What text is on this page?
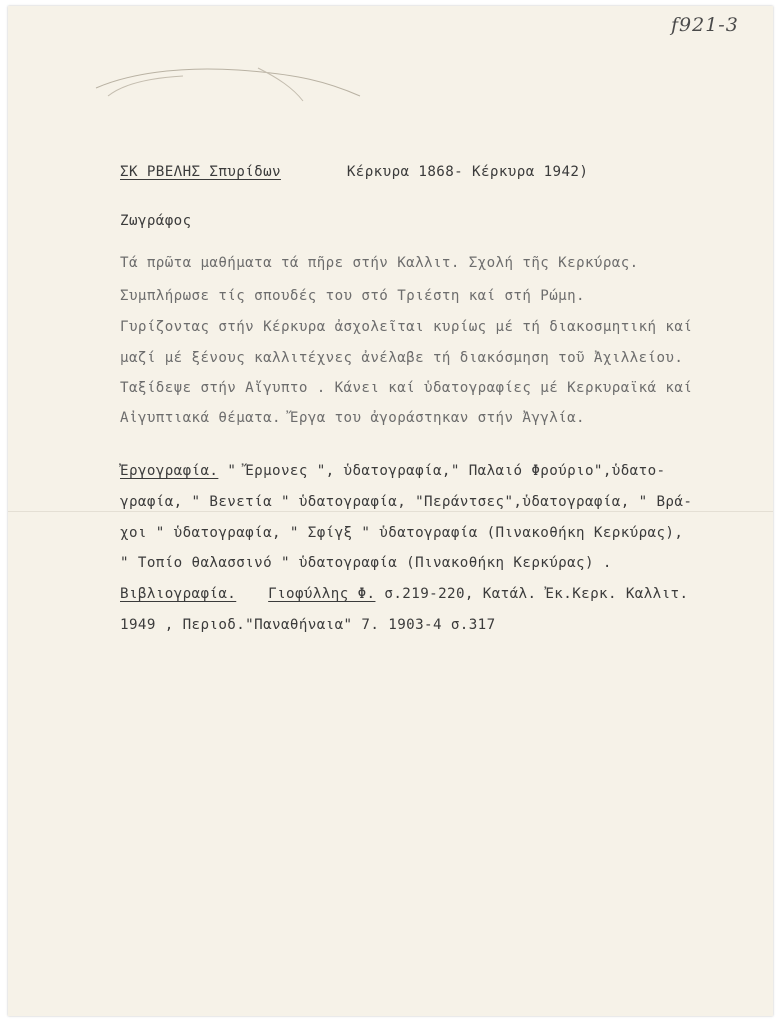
f921-3
ΣΚ ΡΒΕΛΗΣ Σπυρίδων	Κέρκυρα 1868- Κέρκυρα 1942)
Ζωγράφος
Τά πρῶτα μαθήματα τά πῆρε στήν Καλλιτ. Σχολή τῆς Κερκύρας.
Συμπλήρωσε τίς σπουδές του στό Τριέστη καί στή Ρώμη.
Γυρίζοντας στήν Κέρκυρα ἀσχολεῖται κυρίως μέ τή διακοσμητική καί
μαζί μέ ξένους καλλιτέχνες ἀνέλαβε τή διακόσμηση τοῦ Ἀχιλλείου.
Ταξίδεψε στήν Αἴγυπτο . Κάνει καί ὑδατογραφίες μέ Κερκυραϊκά καί
Αἰγυπτιακά θέματα. Ἔργα του ἀγοράστηκαν στήν Ἀγγλία.
Ἐργογραφία. " Ἔρμονες ", ὑδατογραφία," Παλαιό Φρούριο",ὑδατο-
γραφία, " Βενετία " ὑδατογραφία, "Περάντσες",ὑδατογραφία, " Βρά-
χοι " ὑδατογραφία, " Σφίγξ " ὑδατογραφία (Πινακοθήκη Κερκύρας),
" Τοπίο θαλασσινό " ὑδατογραφία (Πινακοθήκη Κερκύρας) .
Βιβλιογραφία. Γιοφύλλης Φ. σ.219-220, Κατάλ. Ἐκ.Κερκ. Καλλιτ.
1949 , Περιοδ."Παναθήναια" 7. 1903-4 σ.317
